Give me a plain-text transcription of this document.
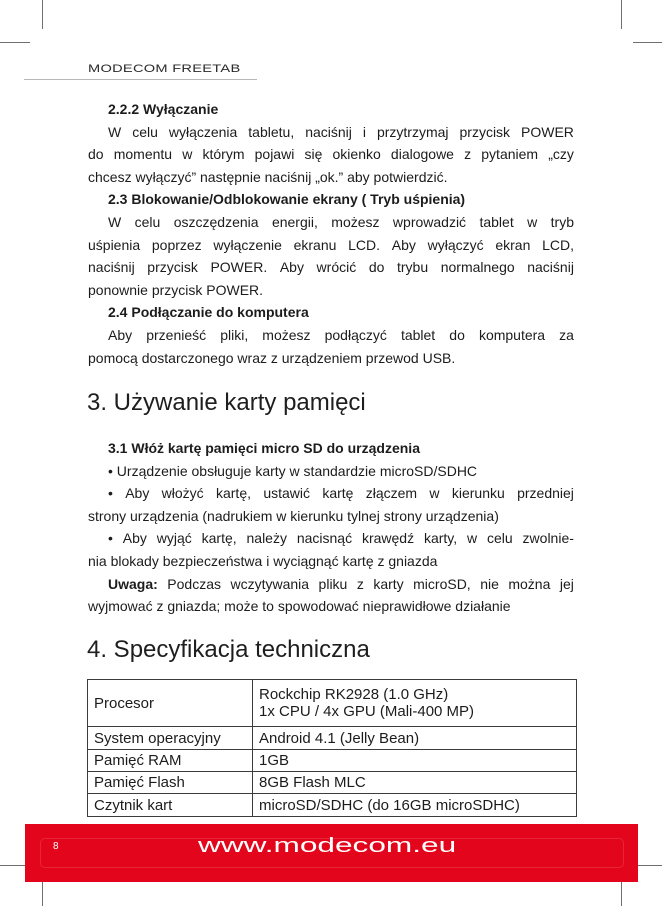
MODECOM FREETAB
2.2.2 Wyłączanie
W celu wyłączenia tabletu, naciśnij i przytrzymaj przycisk POWER
do momentu w którym pojawi się okienko dialogowe z pytaniem „czy
chcesz wyłączyć” następnie naciśnij „ok.” aby potwierdzić.
2.3 Blokowanie/Odblokowanie ekrany ( Tryb uśpienia)
W celu oszczędzenia energii, możesz wprowadzić tablet w tryb
uśpienia poprzez wyłączenie ekranu LCD. Aby wyłączyć ekran LCD,
naciśnij przycisk POWER. Aby wrócić do trybu normalnego naciśnij
ponownie przycisk POWER.
2.4 Podłączanie do komputera
Aby przenieść pliki, możesz podłączyć tablet do komputera za
pomocą dostarczonego wraz z urządzeniem przewod USB.
3. Używanie karty pamięci
3.1 Włóż kartę pamięci micro SD do urządzenia
• Urządzenie obsługuje karty w standardzie microSD/SDHC
• Aby włożyć kartę, ustawić kartę złączem w kierunku przedniej
strony urządzenia (nadrukiem w kierunku tylnej strony urządzenia)
• Aby wyjąć kartę, należy nacisnąć krawędź karty, w celu zwolnie-
nia blokady bezpieczeństwa i wyciągnąć kartę z gniazda
Uwaga: Podczas wczytywania pliku z karty microSD, nie można jej
wyjmować z gniazda; może to spowodować nieprawidłowe działanie
4. Specyfikacja techniczna
Procesor	Rockchip RK2928 (1.0 GHz)
1x CPU / 4x GPU (Mali-400 MP)

System operacyjny	Android 4.1 (Jelly Bean)
Pamięć RAM	1GB
Pamięć Flash	8GB Flash MLC
Czytnik kart	microSD/SDHC (do 16GB microSDHC)
8	www.modecom.eu
